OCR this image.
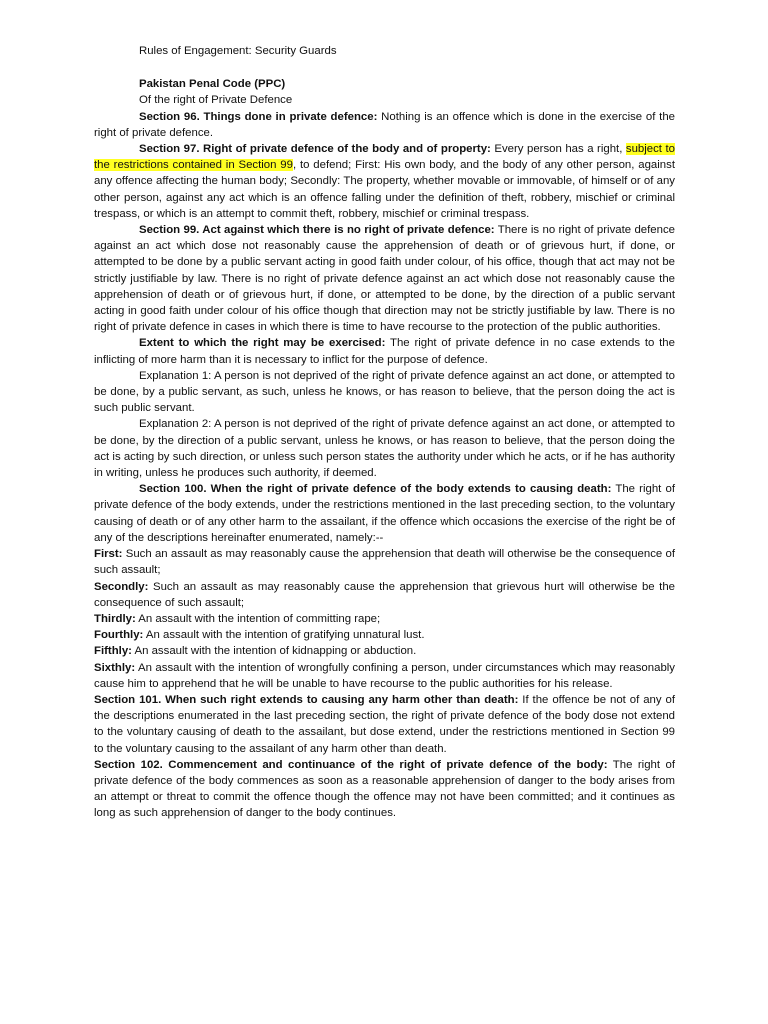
Rules of Engagement: Security Guards

Pakistan Penal Code (PPC)

Of the right of Private Defence

Section 96. Things done in private defence: Nothing is an offence which is done in the exercise of the right of private defence.

Section 97. Right of private defence of the body and of property: Every person has a right, subject to the restrictions contained in Section 99, to defend; First: His own body, and the body of any other person, against any offence affecting the human body; Secondly: The property, whether movable or immovable, of himself or of any other person, against any act which is an offence falling under the definition of theft, robbery, mischief or criminal trespass, or which is an attempt to commit theft, robbery, mischief or criminal trespass.

Section 99. Act against which there is no right of private defence: There is no right of private defence against an act which dose not reasonably cause the apprehension of death or of grievous hurt, if done, or attempted to be done by a public servant acting in good faith under colour, of his office, though that act may not be strictly justifiable by law. There is no right of private defence against an act which dose not reasonably cause the apprehension of death or of grievous hurt, if done, or attempted to be done, by the direction of a public servant acting in good faith under colour of his office though that direction may not be strictly justifiable by law. There is no right of private defence in cases in which there is time to have recourse to the protection of the public authorities.

Extent to which the right may be exercised: The right of private defence in no case extends to the inflicting of more harm than it is necessary to inflict for the purpose of defence.

Explanation 1: A person is not deprived of the right of private defence against an act done, or attempted to be done, by a public servant, as such, unless he knows, or has reason to believe, that the person doing the act is such public servant.

Explanation 2: A person is not deprived of the right of private defence against an act done, or attempted to be done, by the direction of a public servant, unless he knows, or has reason to believe, that the person doing the act is acting by such direction, or unless such person states the authority under which he acts, or if he has authority in writing, unless he produces such authority, if deemed.

Section 100. When the right of private defence of the body extends to causing death: The right of private defence of the body extends, under the restrictions mentioned in the last preceding section, to the voluntary causing of death or of any other harm to the assailant, if the offence which occasions the exercise of the right be of any of the descriptions hereinafter enumerated, namely:--
First: Such an assault as may reasonably cause the apprehension that death will otherwise be the consequence of such assault;

Secondly: Such an assault as may reasonably cause the apprehension that grievous hurt will otherwise be the consequence of such assault;

Thirdly: An assault with the intention of committing rape;

Fourthly: An assault with the intention of gratifying unnatural lust.

Fifthly: An assault with the intention of kidnapping or abduction.

Sixthly: An assault with the intention of wrongfully confining a person, under circumstances which may reasonably cause him to apprehend that he will be unable to have recourse to the public authorities for his release.

Section 101. When such right extends to causing any harm other than death: If the offence be not of any of the descriptions enumerated in the last preceding section, the right of private defence of the body dose not extend to the voluntary causing of death to the assailant, but dose extend, under the restrictions mentioned in Section 99 to the voluntary causing to the assailant of any harm other than death.

Section 102. Commencement and continuance of the right of private defence of the body: The right of private defence of the body commences as soon as a reasonable apprehension of danger to the body arises from an attempt or threat to commit the offence though the offence may not have been committed; and it continues as long as such apprehension of danger to the body continues.
